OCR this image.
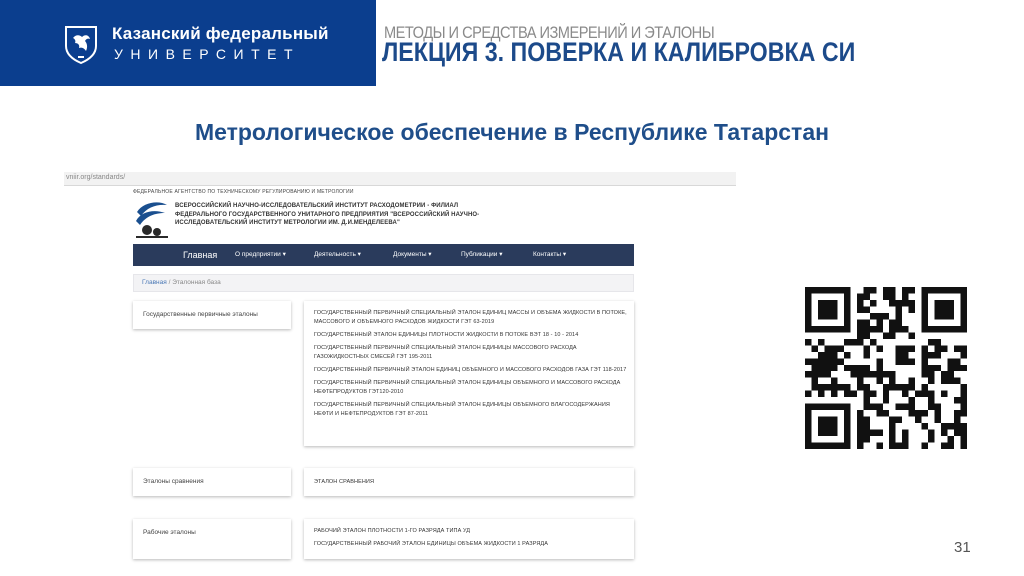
Казанский федеральный
УНИВЕРСИТЕТ
МЕТОДЫ И СРЕДСТВА ИЗМЕРЕНИЙ И ЭТАЛОНЫ
ЛЕКЦИЯ 3. ПОВЕРКА И КАЛИБРОВКА СИ
Метрологическое обеспечение в Республике Татарстан
vniir.org/standards/
ФЕДЕРАЛЬНОЕ АГЕНТСТВО ПО ТЕХНИЧЕСКОМУ РЕГУЛИРОВАНИЮ И МЕТРОЛОГИИ
ВСЕРОССИЙСКИЙ НАУЧНО-ИССЛЕДОВАТЕЛЬСКИЙ ИНСТИТУТ РАСХОДОМЕТРИИ - ФИЛИАЛ ФЕДЕРАЛЬНОГО ГОСУДАРСТВЕННОГО УНИТАРНОГО ПРЕДПРИЯТИЯ "ВСЕРОССИЙСКИЙ НАУЧНО-ИССЛЕДОВАТЕЛЬСКИЙ ИНСТИТУТ МЕТРОЛОГИИ ИМ. Д.И.МЕНДЕЛЕЕВА"
Главная	О предприятии ▾	Деятельность ▾	Документы ▾	Публикации ▾	Контакты ▾
Главная / Эталонная база
Государственные первичные эталоны	ГОСУДАРСТВЕННЫЙ ПЕРВИЧНЫЙ СПЕЦИАЛЬНЫЙ ЭТАЛОН ЕДИНИЦ МАССЫ И ОБЪЕМА ЖИДКОСТИ В ПОТОКЕ, МАССОВОГО И ОБЪЕМНОГО РАСХОДОВ ЖИДКОСТИ ГЭТ 63-2019
ГОСУДАРСТВЕННЫЙ ЭТАЛОН ЕДИНИЦЫ ПЛОТНОСТИ ЖИДКОСТИ В ПОТОКЕ ВЭТ 18 - 10 - 2014
ГОСУДАРСТВЕННЫЙ ПЕРВИЧНЫЙ СПЕЦИАЛЬНЫЙ ЭТАЛОН ЕДИНИЦЫ МАССОВОГО РАСХОДА ГАЗОЖИДКОСТНЫХ СМЕСЕЙ ГЭТ 195-2011
ГОСУДАРСТВЕННЫЙ ПЕРВИЧНЫЙ ЭТАЛОН ЕДИНИЦ ОБЪЕМНОГО И МАССОВОГО РАСХОДОВ ГАЗА ГЭТ 118-2017
ГОСУДАРСТВЕННЫЙ ПЕРВИЧНЫЙ СПЕЦИАЛЬНЫЙ ЭТАЛОН ЕДИНИЦЫ ОБЪЕМНОГО И МАССОВОГО РАСХОДА НЕФТЕПРОДУКТОВ ГЭТ120-2010
ГОСУДАРСТВЕННЫЙ ПЕРВИЧНЫЙ СПЕЦИАЛЬНЫЙ ЭТАЛОН ЕДИНИЦЫ ОБЪЕМНОГО ВЛАГОСОДЕРЖАНИЯ НЕФТИ И НЕФТЕПРОДУКТОВ ГЭТ 87-2011
Эталоны сравнения	ЭТАЛОН СРАВНЕНИЯ
Рабочие эталоны	РАБОЧИЙ ЭТАЛОН ПЛОТНОСТИ 1-ГО РАЗРЯДА ТИПА УД
ГОСУДАРСТВЕННЫЙ РАБОЧИЙ ЭТАЛОН ЕДИНИЦЫ ОБЪЕМА ЖИДКОСТИ 1 РАЗРЯДА	31
